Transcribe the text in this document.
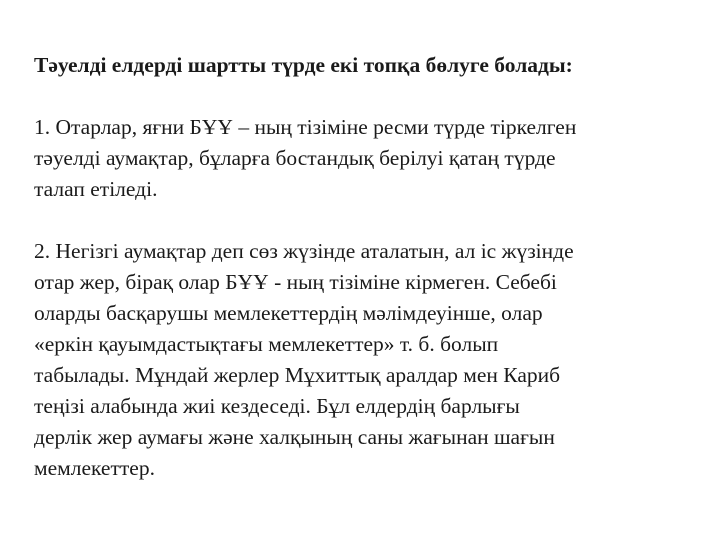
Тәуелді елдерді шартты түрде екі топқа бөлуге болады:

1. Отарлар, яғни БҰҰ – ның тізіміне ресми түрде тіркелген
тәуелді аумақтар, бұларға бостандық берілуі қатаң түрде
талап етіледі.

2. Негізгі аумақтар деп сөз жүзінде аталатын, ал іс жүзінде
отар жер, бірақ олар БҰҰ - ның тізіміне кірмеген. Себебі
оларды басқарушы мемлекеттердің мәлімдеуінше, олар
«еркін қауымдастықтағы мемлекеттер» т. б. болып
табылады. Мұндай жерлер Мұхиттық аралдар мен Кариб
теңізі алабында жиі кездеседі. Бұл елдердің барлығы
дерлік жер аумағы және халқының саны жағынан шағын
мемлекеттер.
